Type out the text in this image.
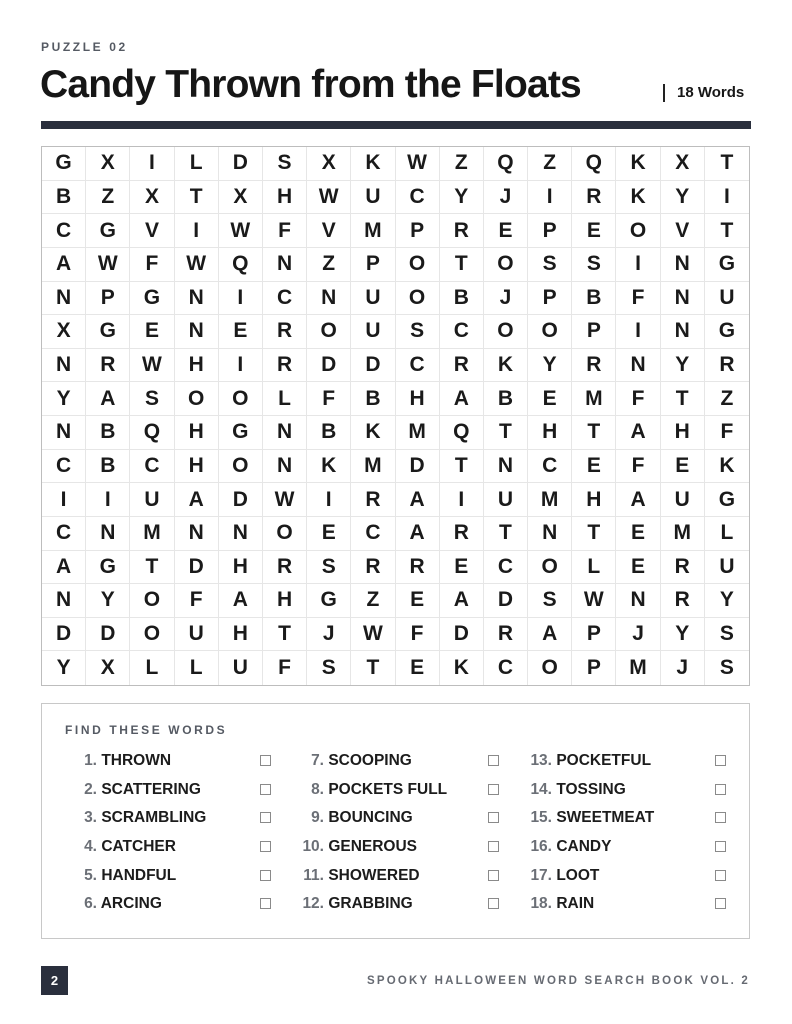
PUZZLE 02
Candy Thrown from the Floats	18 Words
G	X	I	L	D	S	X	K	W	Z	Q	Z	Q	K	X	T
B	Z	X	T	X	H	W	U	C	Y	J	I	R	K	Y	I
C	G	V	I	W	F	V	M	P	R	E	P	E	O	V	T
A	W	F	W	Q	N	Z	P	O	T	O	S	S	I	N	G
N	P	G	N	I	C	N	U	O	B	J	P	B	F	N	U
X	G	E	N	E	R	O	U	S	C	O	O	P	I	N	G
N	R	W	H	I	R	D	D	C	R	K	Y	R	N	Y	R
Y	A	S	O	O	L	F	B	H	A	B	E	M	F	T	Z
N	B	Q	H	G	N	B	K	M	Q	T	H	T	A	H	F
C	B	C	H	O	N	K	M	D	T	N	C	E	F	E	K
I	I	U	A	D	W	I	R	A	I	U	M	H	A	U	G
C	N	M	N	N	O	E	C	A	R	T	N	T	E	M	L
A	G	T	D	H	R	S	R	R	E	C	O	L	E	R	U
N	Y	O	F	A	H	G	Z	E	A	D	S	W	N	R	Y
D	D	O	U	H	T	J	W	F	D	R	A	P	J	Y	S
Y	X	L	L	U	F	S	T	E	K	C	O	P	M	J	S
FIND THESE WORDS
1. THROWN
2. SCATTERING
3. SCRAMBLING
4. CATCHER
5. HANDFUL
6. ARCING
7. SCOOPING
8. POCKETS FULL
9. BOUNCING
10. GENEROUS
11. SHOWERED
12. GRABBING
13. POCKETFUL
14. TOSSING
15. SWEETMEAT
16. CANDY
17. LOOT
18. RAIN
2	SPOOKY HALLOWEEN WORD SEARCH BOOK VOL. 2
